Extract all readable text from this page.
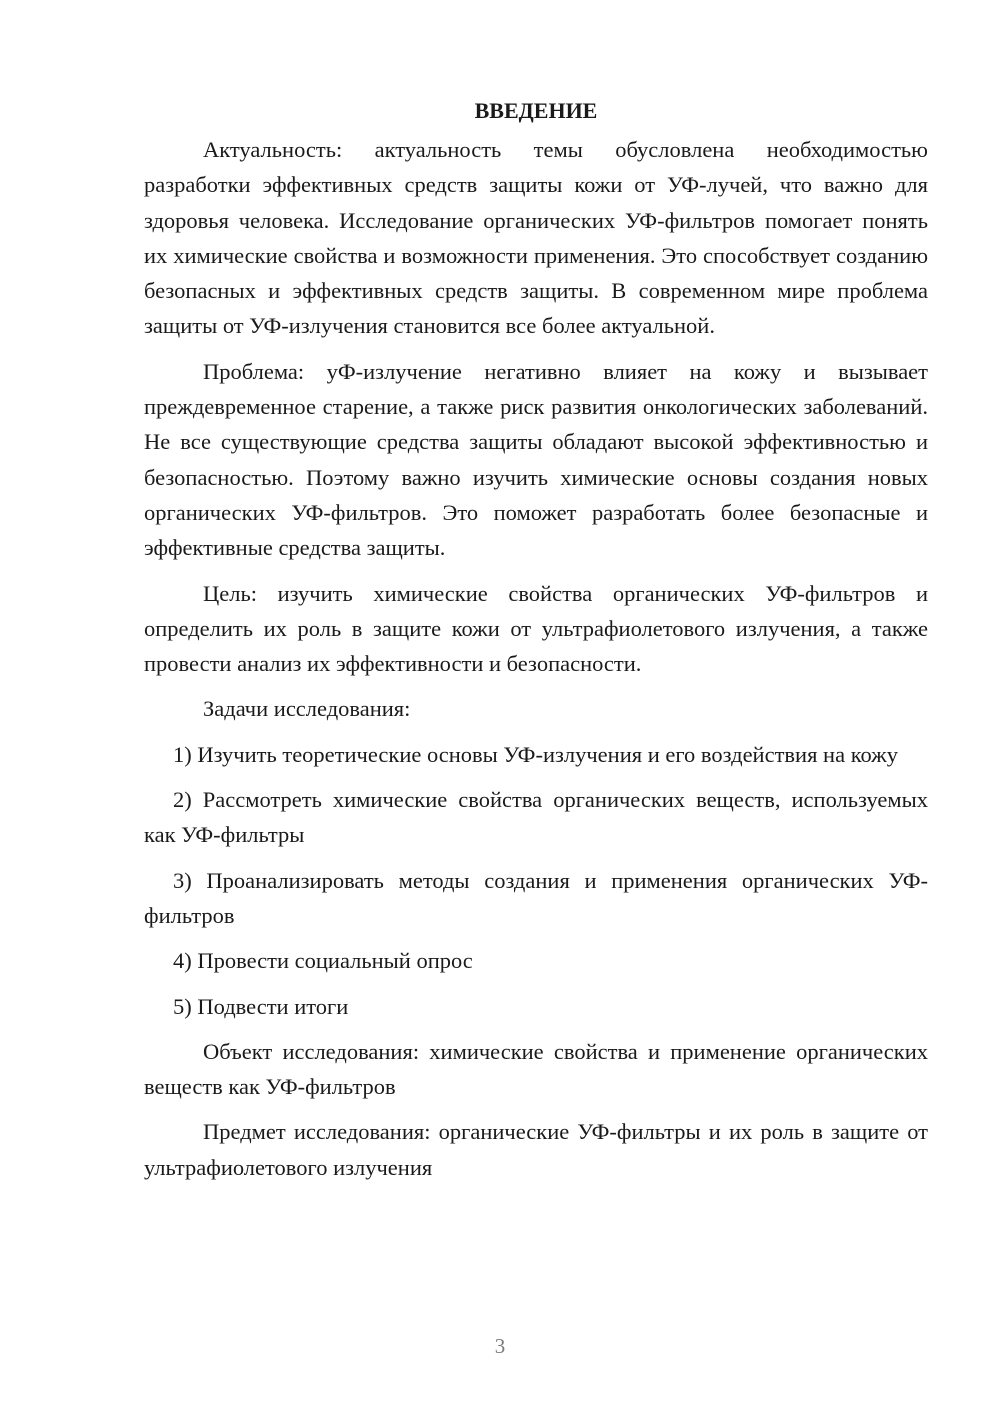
ВВЕДЕНИЕ

Актуальность: актуальность темы обусловлена необходимостью разработки эффективных средств защиты кожи от УФ-лучей, что важно для здоровья человека. Исследование органических УФ-фильтров помогает понять их химические свойства и возможности применения. Это способствует созданию безопасных и эффективных средств защиты. В современном мире проблема защиты от УФ-излучения становится все более актуальной.

Проблема: уФ-излучение негативно влияет на кожу и вызывает преждевременное старение, а также риск развития онкологических заболеваний. Не все существующие средства защиты обладают высокой эффективностью и безопасностью. Поэтому важно изучить химические основы создания новых органических УФ-фильтров. Это поможет разработать более безопасные и эффективные средства защиты.

Цель: изучить химические свойства органических УФ-фильтров и определить их роль в защите кожи от ультрафиолетового излучения, а также провести анализ их эффективности и безопасности.

Задачи исследования:

1) Изучить теоретические основы УФ-излучения и его воздействия на кожу

2) Рассмотреть химические свойства органических веществ, используемых как УФ-фильтры

3) Проанализировать методы создания и применения органических УФ-фильтров

4) Провести социальный опрос

5) Подвести итоги

Объект исследования: химические свойства и применение органических веществ как УФ-фильтров

Предмет исследования: органические УФ-фильтры и их роль в защите от ультрафиолетового излучения

3
